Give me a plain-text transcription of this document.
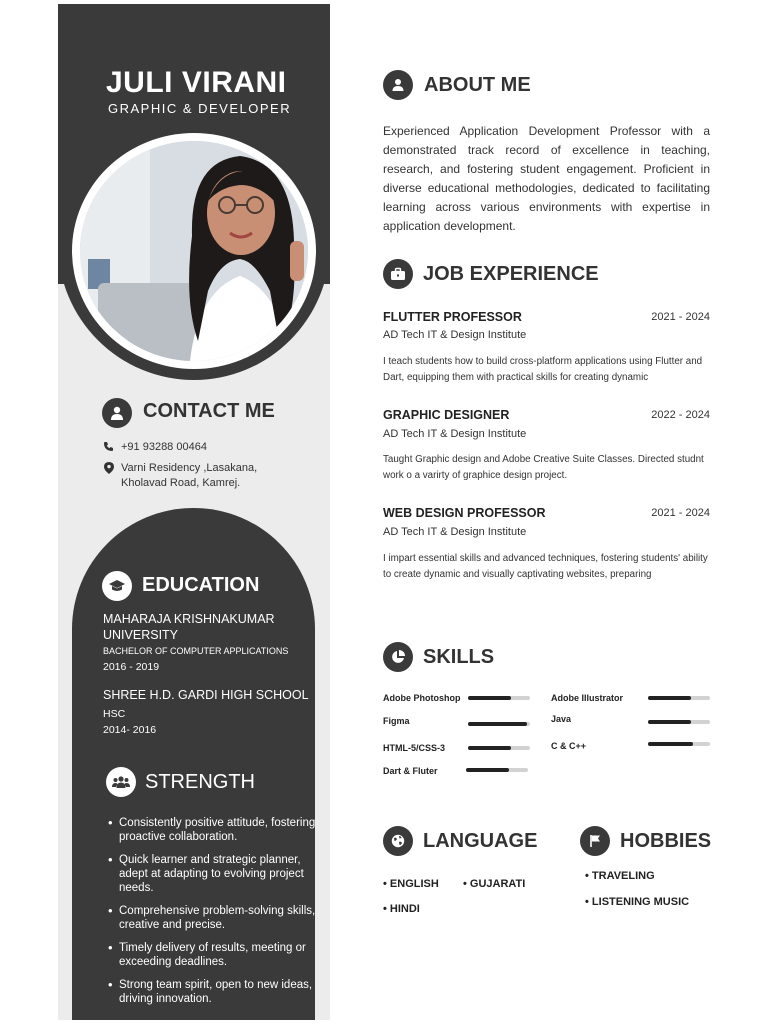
JULI VIRANI
GRAPHIC & DEVELOPER
CONTACT ME
+91 93288 00464
Varni Residency ,Lasakana,
Kholavad Road, Kamrej.
EDUCATION
MAHARAJA KRISHNAKUMAR
UNIVERSITY
BACHELOR OF COMPUTER APPLICATIONS
2016 - 2019
SHREE H.D. GARDI HIGH SCHOOL
HSC
2014- 2016
STRENGTH
• Consistently positive attitude, fostering proactive collaboration.
• Quick learner and strategic planner, adept at adapting to evolving project needs.
• Comprehensive problem-solving skills, creative and precise.
• Timely delivery of results, meeting or exceeding deadlines.
• Strong team spirit, open to new ideas, driving innovation.
ABOUT ME
Experienced Application Development Professor with a demonstrated track record of excellence in teaching, research, and fostering student engagement. Proficient in diverse educational methodologies, dedicated to facilitating learning across various environments with expertise in application development.
JOB EXPERIENCE
FLUTTER PROFESSOR	2021 - 2024
AD Tech IT & Design Institute
I teach students how to build cross-platform applications using Flutter and Dart, equipping them with practical skills for creating dynamic
GRAPHIC DESIGNER	2022 - 2024
AD Tech IT & Design Institute
Taught Graphic design and Adobe Creative Suite Classes. Directed studnt work o a varirty of graphice design project.
WEB DESIGN PROFESSOR	2021 - 2024
AD Tech IT & Design Institute
I impart essential skills and advanced techniques, fostering students' ability to create dynamic and visually captivating websites, preparing
SKILLS
Adobe Photoshop	Adobe Illustrator
Figma	Java
HTML-5/CSS-3	C & C++
Dart & Fluter
LANGUAGE
• ENGLISH • GUJARATI
• HINDI
HOBBIES
• TRAVELING
• LISTENING MUSIC
